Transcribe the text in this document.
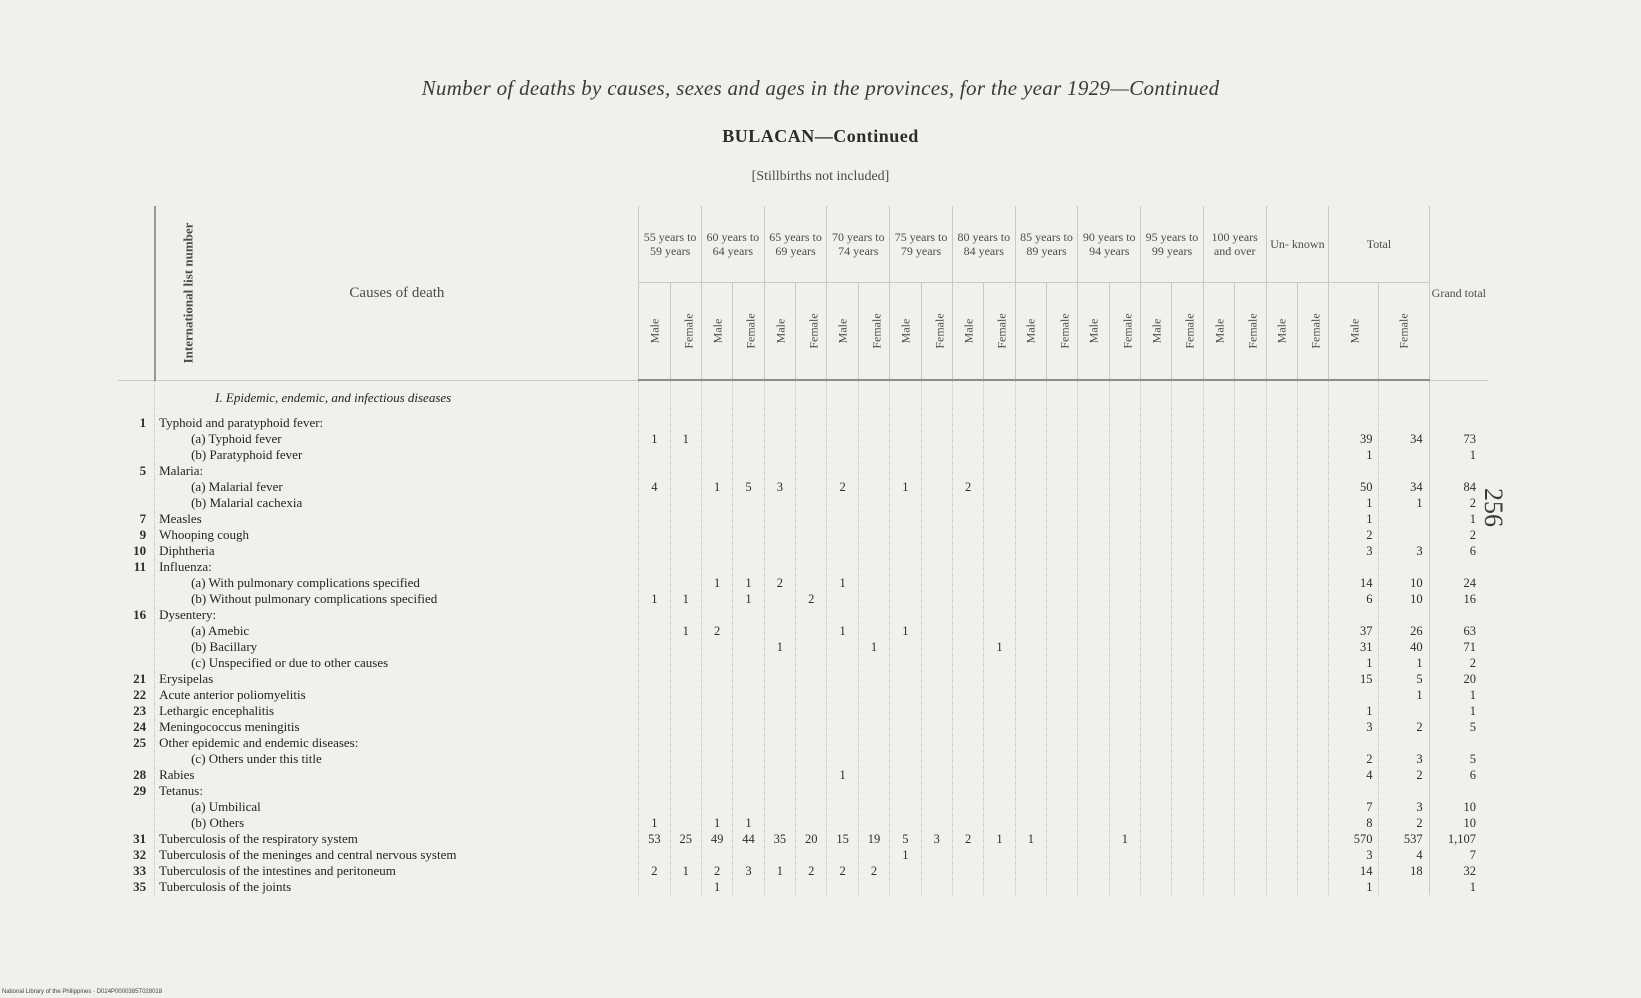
Number of deaths by causes, sexes and ages in the provinces, for the year 1929—Continued
BULACAN—Continued
[Stillbirths not included]
International list number	Causes of death	55 years to 59 years		60 years to 64 years		65 years to 69 years		70 years to 74 years		75 years to 79 years		80 years to 84 years		85 years to 89 years		90 years to 94 years		95 years to 99 years		100 years and over		Un- known		Total		Grand total
		Male	Female	Male	Female	Male	Female	Male	Female	Male	Female	Male	Female	Male	Female	Male	Female	Male	Female	Male	Female	Male	Female	Male	Female	
	I. Epidemic, endemic, and infectious diseases																									
1	Typhoid and paratyphoid fever:																									
	(a) Typhoid fever	1	1																					39	34	73
	(b) Paratyphoid fever																							1		1
5	Malaria:																									
	(a) Malarial fever	4		1	5	3		2		1		2												50	34	84
	(b) Malarial cachexia																							1	1	2
7	Measles																							1		1
9	Whooping cough																							2		2
10	Diphtheria																							3	3	6
11	Influenza:																									
	(a) With pulmonary complications specified			1	1	2		1																14	10	24
	(b) Without pulmonary complications specified	1	1		1		2																	6	10	16
16	Dysentery:																									
	(a) Amebic		1	2				1		1														37	26	63
	(b) Bacillary					1			1				1											31	40	71
	(c) Unspecified or due to other causes																							1	1	2
21	Erysipelas																							15	5	20
22	Acute anterior poliomyelitis																								1	1
23	Lethargic encephalitis																							1		1
24	Meningococcus meningitis																							3	2	5
25	Other epidemic and endemic diseases:																									
	(c) Others under this title																							2	3	5
28	Rabies							1																4	2	6
29	Tetanus:																									
	(a) Umbilical																							7	3	10
	(b) Others	1		1	1																			8	2	10
31	Tuberculosis of the respiratory system	53	25	49	44	35	20	15	19	5	3	2	1	1			1							570	537	1,107
32	Tuberculosis of the meninges and central nervous system									1														3	4	7
33	Tuberculosis of the intestines and peritoneum	2	1	2	3	1	2	2	2															14	18	32
35	Tuberculosis of the joints			1																				1		1
256
National Library of the Philippines · D024P0000385T028018
